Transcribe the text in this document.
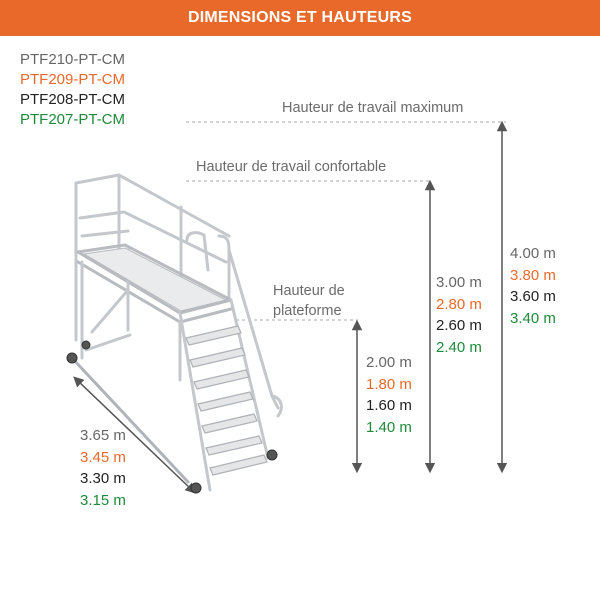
DIMENSIONS ET HAUTEURS
PTF210-PT-CM
PTF209-PT-CM
PTF208-PT-CM
PTF207-PT-CM
Hauteur de travail maximum
Hauteur de travail confortable
Hauteur de
plateforme
2.00 m
1.80 m
1.60 m
1.40 m
3.00 m
2.80 m
2.60 m
2.40 m
4.00 m
3.80 m
3.60 m
3.40 m
3.65 m
3.45 m
3.30 m
3.15 m
